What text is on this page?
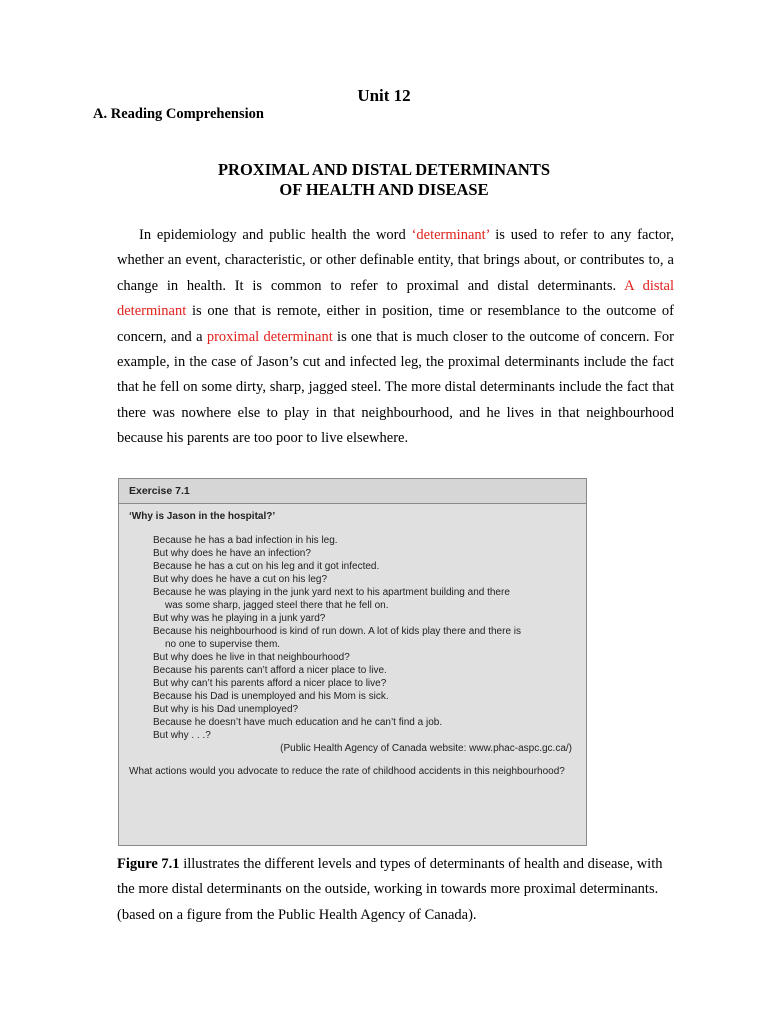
Unit 12
A. Reading Comprehension
PROXIMAL AND DISTAL DETERMINANTS
OF HEALTH AND DISEASE

In epidemiology and public health the word ‘determinant’ is used to refer to any factor, whether an event, characteristic, or other definable entity, that brings about, or contributes to, a change in health. It is common to refer to proximal and distal determinants. A distal determinant is one that is remote, either in position, time or resemblance to the outcome of concern, and a proximal determinant is one that is much closer to the outcome of concern. For example, in the case of Jason’s cut and infected leg, the proximal determinants include the fact that he fell on some dirty, sharp, jagged steel. The more distal determinants include the fact that there was nowhere else to play in that neighbourhood, and he lives in that neighbourhood because his parents are too poor to live elsewhere.

Exercise 7.1
‘Why is Jason in the hospital?’
Because he has a bad infection in his leg.
But why does he have an infection?
Because he has a cut on his leg and it got infected.
But why does he have a cut on his leg?
Because he was playing in the junk yard next to his apartment building and there
was some sharp, jagged steel there that he fell on.
But why was he playing in a junk yard?
Because his neighbourhood is kind of run down. A lot of kids play there and there is
no one to supervise them.
But why does he live in that neighbourhood?
Because his parents can’t afford a nicer place to live.
But why can’t his parents afford a nicer place to live?
Because his Dad is unemployed and his Mom is sick.
But why is his Dad unemployed?
Because he doesn’t have much education and he can’t find a job.
But why . . .?
(Public Health Agency of Canada website: www.phac-aspc.gc.ca/)
What actions would you advocate to reduce the rate of childhood accidents in this neighbourhood?
Figure 7.1 illustrates the different levels and types of determinants of health and disease, with the more distal determinants on the outside, working in towards more proximal determinants. (based on a figure from the Public Health Agency of Canada).
